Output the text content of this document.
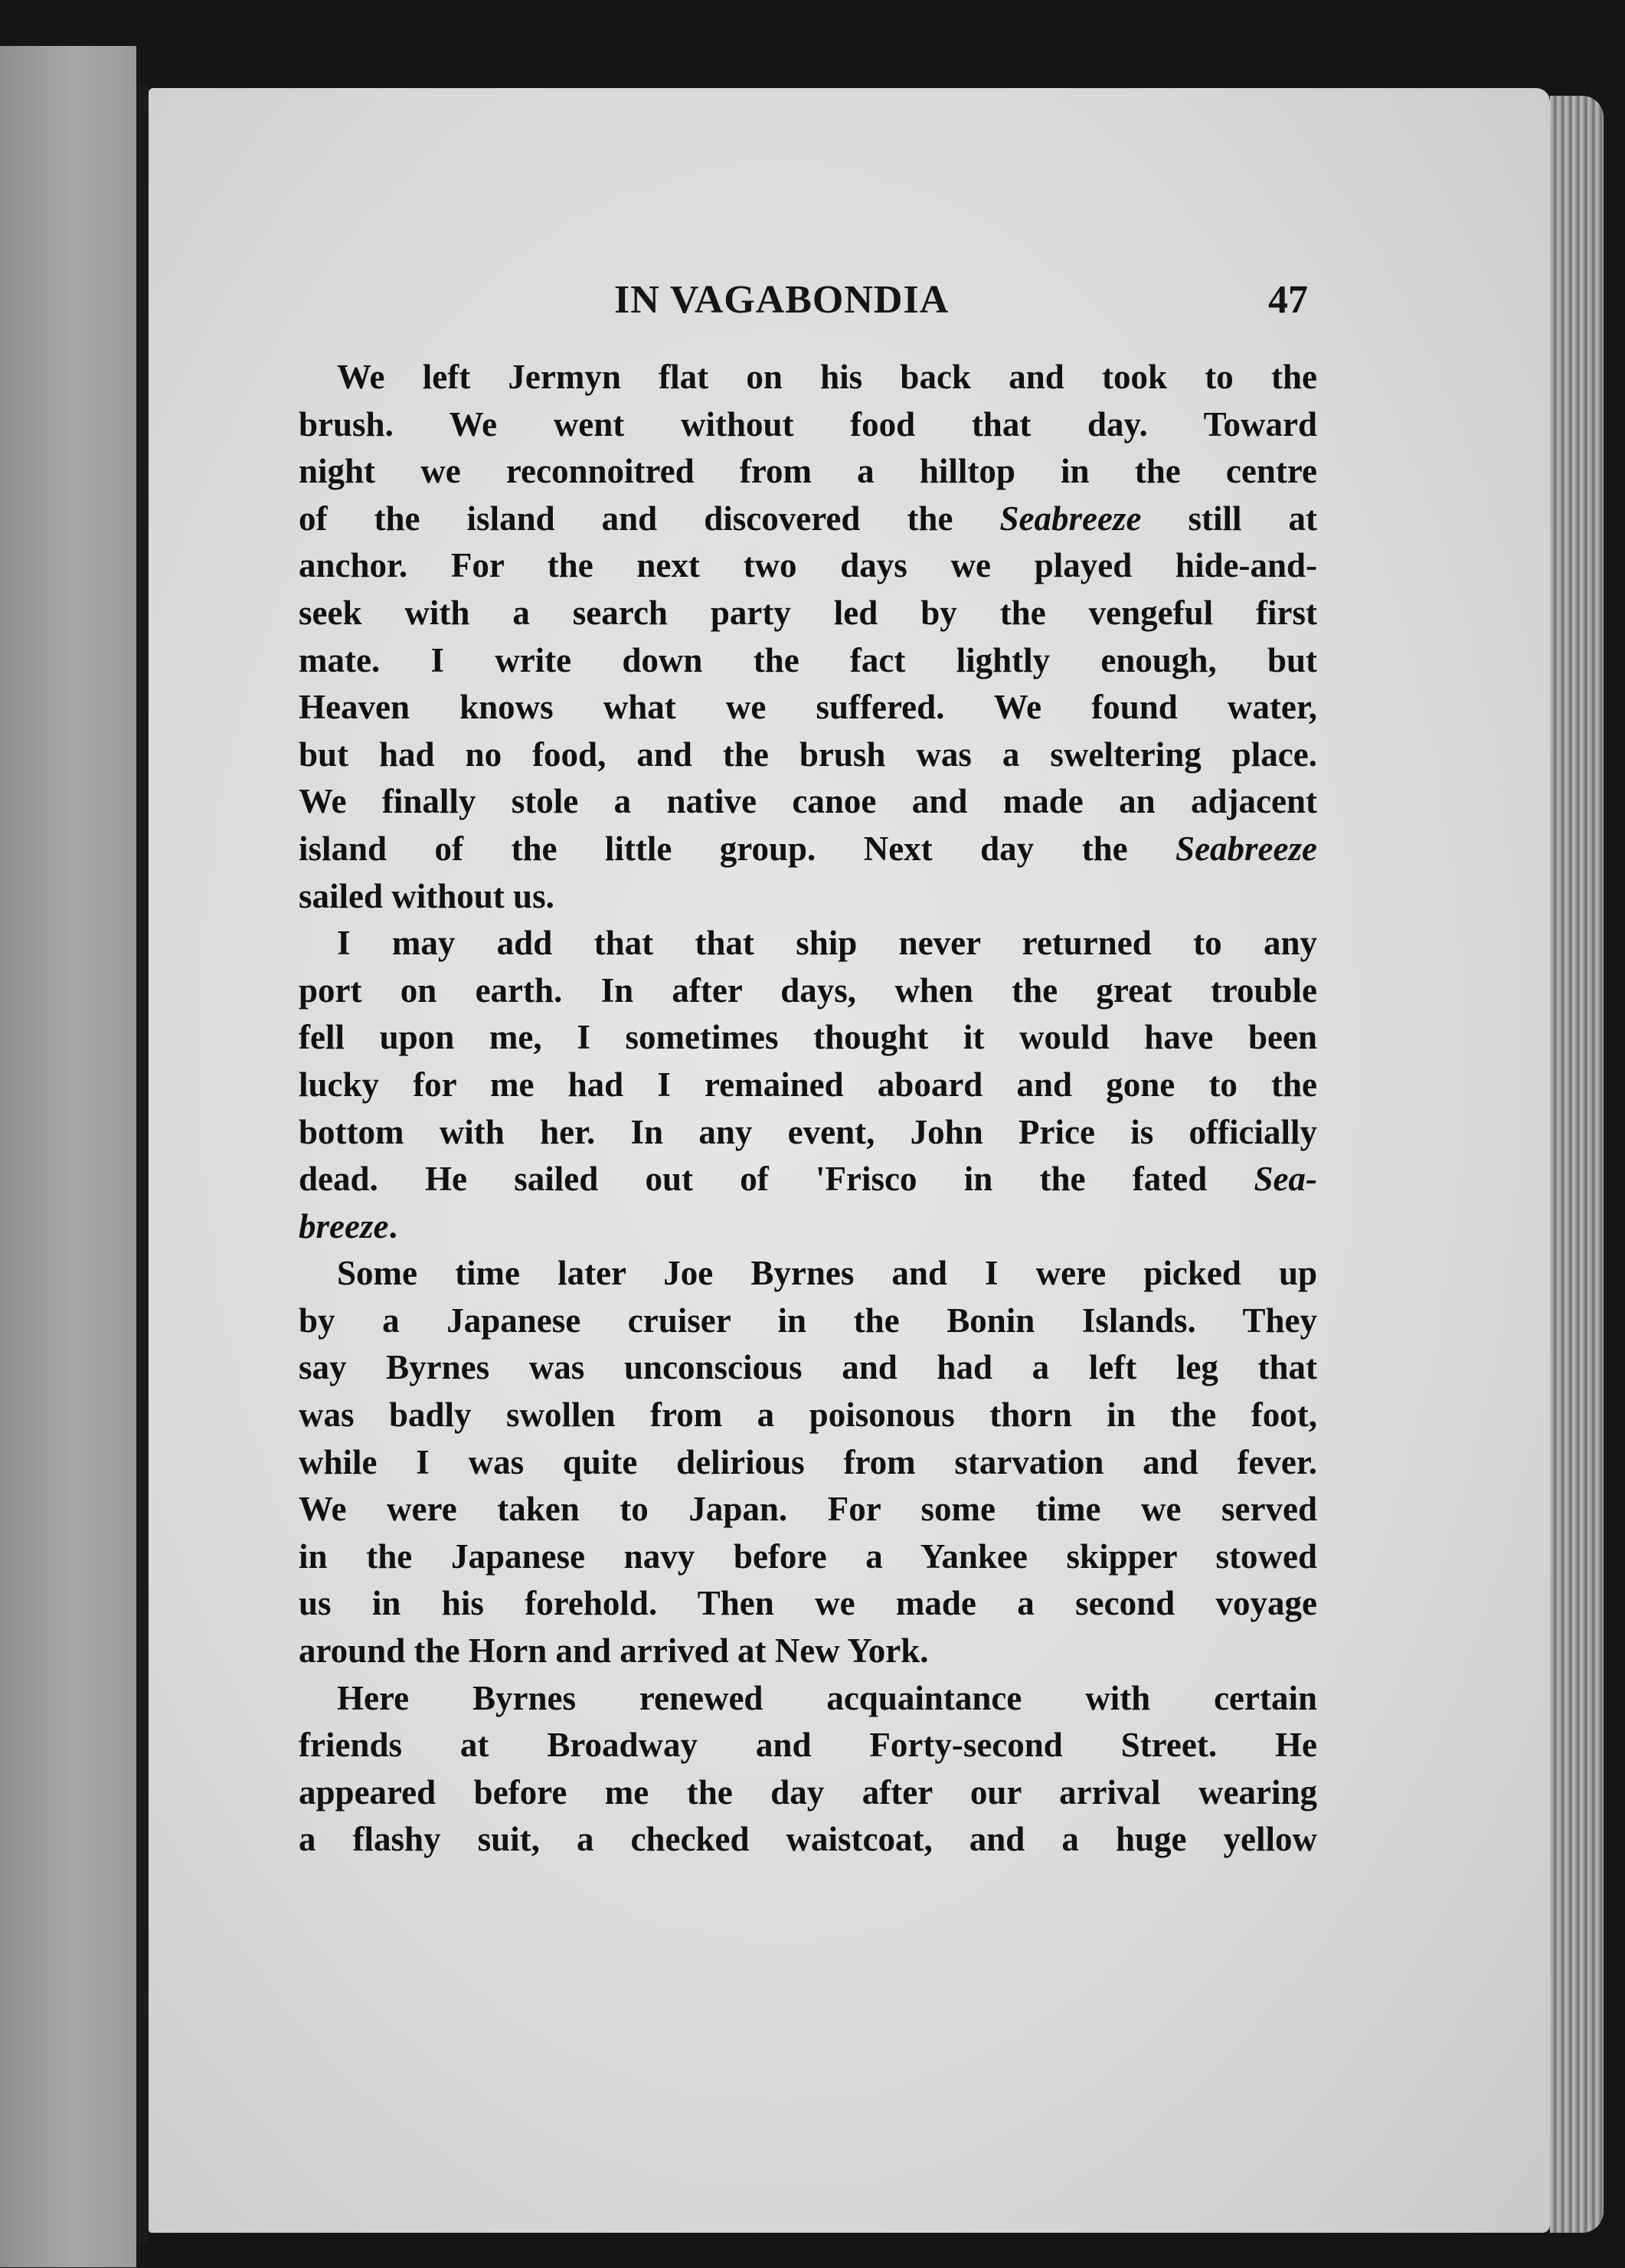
IN VAGABONDIA	47
We left Jermyn flat on his back and took to the
brush. We went without food that day. Toward
night we reconnoitred from a hilltop in the centre
of the island and discovered the Seabreeze still at
anchor. For the next two days we played hide-and-
seek with a search party led by the vengeful first
mate. I write down the fact lightly enough, but
Heaven knows what we suffered. We found water,
but had no food, and the brush was a sweltering place.
We finally stole a native canoe and made an adjacent
island of the little group. Next day the Seabreeze
sailed without us.
I may add that that ship never returned to any
port on earth. In after days, when the great trouble
fell upon me, I sometimes thought it would have been
lucky for me had I remained aboard and gone to the
bottom with her. In any event, John Price is officially
dead. He sailed out of 'Frisco in the fated Sea-
breeze.
Some time later Joe Byrnes and I were picked up
by a Japanese cruiser in the Bonin Islands. They
say Byrnes was unconscious and had a left leg that
was badly swollen from a poisonous thorn in the foot,
while I was quite delirious from starvation and fever.
We were taken to Japan. For some time we served
in the Japanese navy before a Yankee skipper stowed
us in his forehold. Then we made a second voyage
around the Horn and arrived at New York.
Here Byrnes renewed acquaintance with certain
friends at Broadway and Forty-second Street. He
appeared before me the day after our arrival wearing
a flashy suit, a checked waistcoat, and a huge yellow
